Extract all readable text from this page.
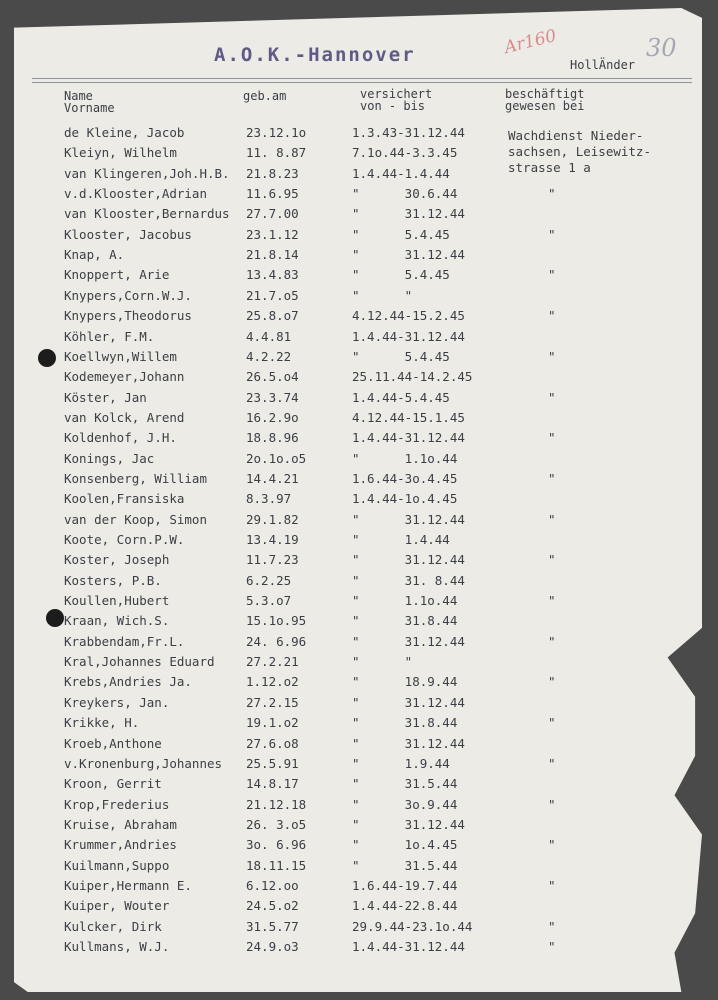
A.O.K.-Hannover	Ar160
HollÄnder
30
Name
Vorname
geb.am	versichert
von - bis
beschäftigt
gewesen bei
Wachdienst Nieder-
sachsen, Leisewitz-
strasse 1 a
de Kleine, Jacob	23.12.1o	1.3.43-31.12.44
Kleiyn, Wilhelm	11. 8.87	7.1o.44-3.3.45
van Klingeren,Joh.H.B. 21.8.23	1.4.44-1.4.44
v.d.Klooster,Adrian	11.6.95	"      30.6.44	"
van Klooster,Bernardus 27.7.00	"      31.12.44
Klooster, Jacobus	23.1.12	"      5.4.45	"
Knap, A.	21.8.14	"      31.12.44
Knoppert, Arie	13.4.83	"      5.4.45	"
Knypers,Corn.W.J.	21.7.o5	"      "
Knypers,Theodorus	25.8.o7	4.12.44-15.2.45	"
Köhler, F.M.	4.4.81	1.4.44-31.12.44
Koellwyn,Willem	4.2.22	"      5.4.45	"
Kodemeyer,Johann	26.5.o4	25.11.44-14.2.45
Köster, Jan	23.3.74	1.4.44-5.4.45	"
van Kolck, Arend	16.2.9o	4.12.44-15.1.45
Koldenhof, J.H.	18.8.96	1.4.44-31.12.44	"
Konings, Jac	2o.1o.o5	"      1.1o.44
Konsenberg, William	14.4.21	1.6.44-3o.4.45	"
Koolen,Fransiska	8.3.97	1.4.44-1o.4.45
van der Koop, Simon	29.1.82	"      31.12.44	"
Koote, Corn.P.W.	13.4.19	"      1.4.44
Koster, Joseph	11.7.23	"      31.12.44	"
Kosters, P.B.	6.2.25	"      31. 8.44
Koullen,Hubert	5.3.o7	"      1.1o.44	"
Kraan, Wich.S.	15.1o.95	"      31.8.44
Krabbendam,Fr.L.	24. 6.96	"      31.12.44	"
Kral,Johannes Eduard	27.2.21	"      "
Krebs,Andries Ja.	1.12.o2	"      18.9.44	"
Kreykers, Jan.	27.2.15	"      31.12.44
Krikke, H.	19.1.o2	"      31.8.44	"
Kroeb,Anthone	27.6.o8	"      31.12.44
v.Kronenburg,Johannes 25.5.91	"      1.9.44	"
Kroon, Gerrit	14.8.17	"      31.5.44
Krop,Frederius	21.12.18	"      3o.9.44	"
Kruise, Abraham	26. 3.o5	"      31.12.44
Krummer,Andries	3o. 6.96	"      1o.4.45	"
Kuilmann,Suppo	18.11.15	"      31.5.44
Kuiper,Hermann E.	6.12.oo	1.6.44-19.7.44	"
Kuiper, Wouter	24.5.o2	1.4.44-22.8.44
Kulcker, Dirk	31.5.77	29.9.44-23.1o.44	"
Kullmans, W.J.	24.9.o3	1.4.44-31.12.44	"
